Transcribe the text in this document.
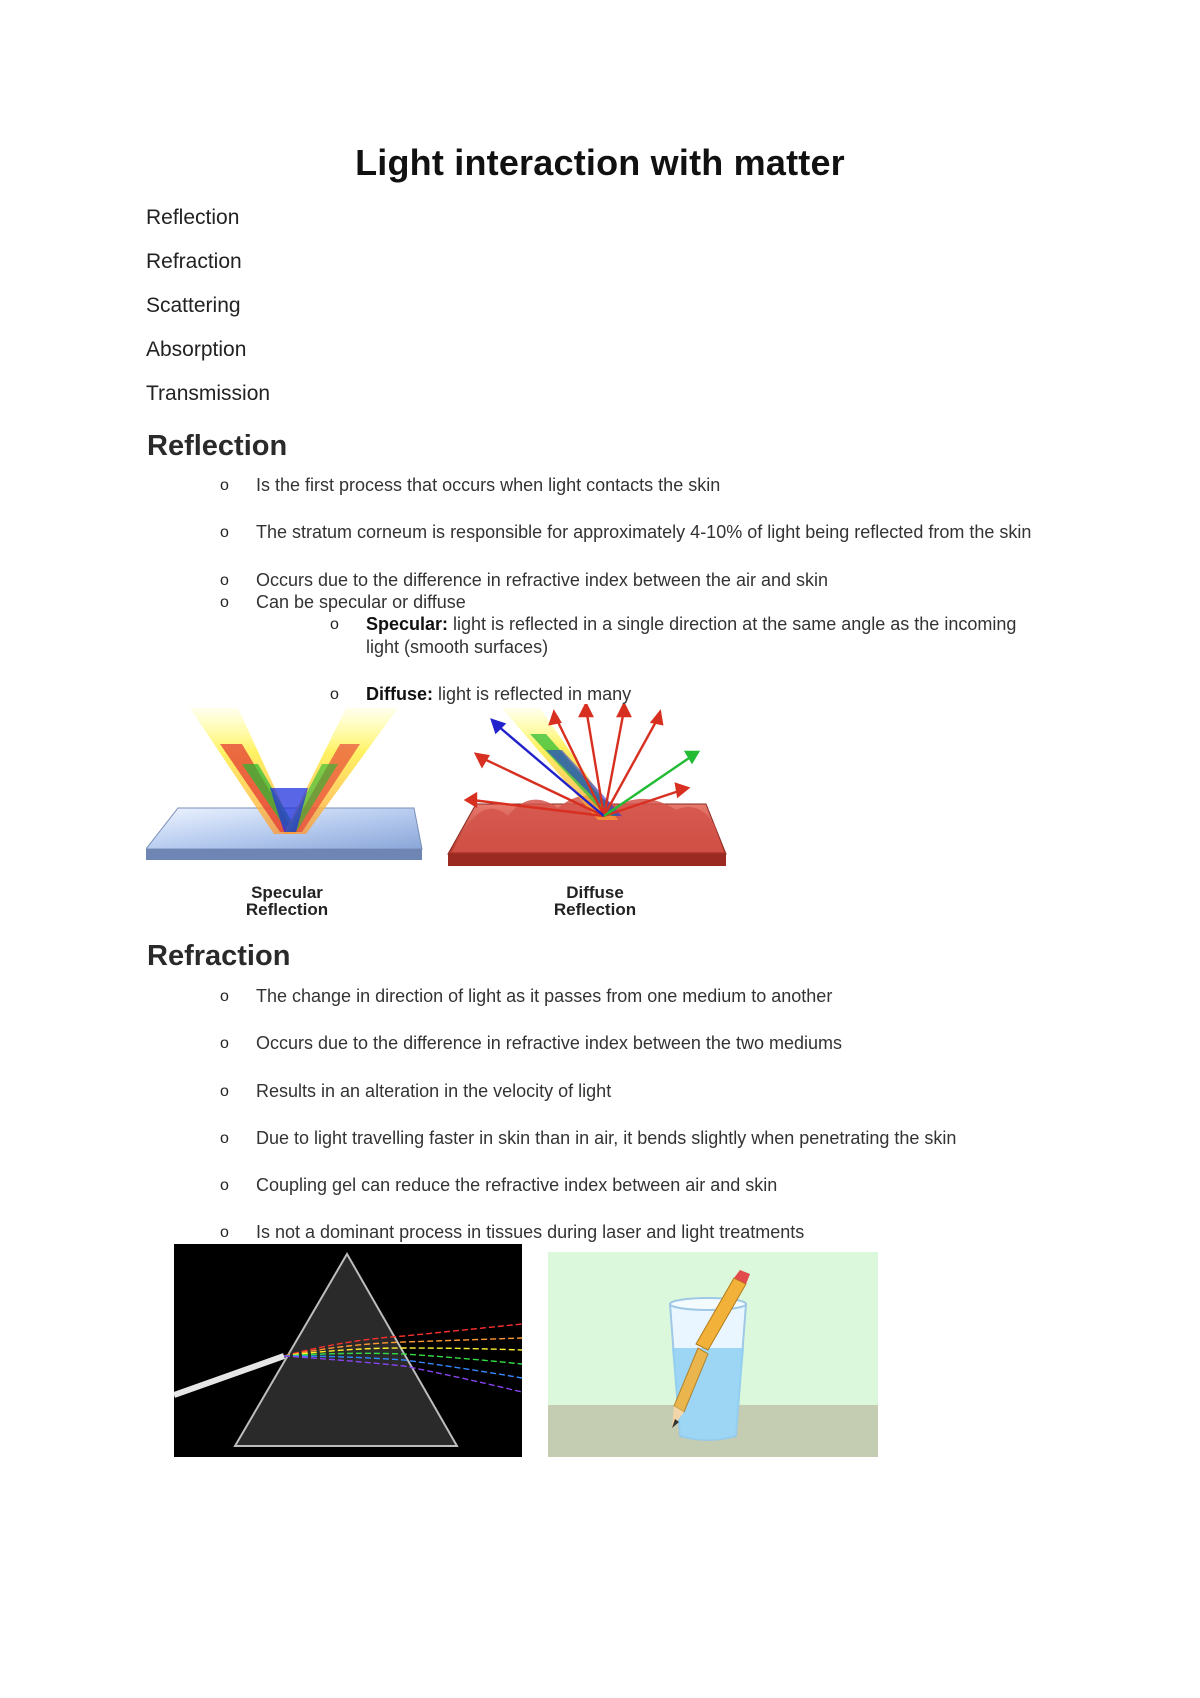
Light interaction with matter
Reflection
Refraction
Scattering
Absorption
Transmission
Reflection
o Is the first process that occurs when light contacts the skin
o The stratum corneum is responsible for approximately 4-10% of light being reflected from the skin
o Occurs due to the difference in refractive index between the air and skin
o Can be specular or diffuse
o Specular: light is reflected in a single direction at the same angle as the incoming light (smooth surfaces)
o Diffuse: light is reflected in many
Specular Reflection
Diffuse Reflection
Refraction
o The change in direction of light as it passes from one medium to another
o Occurs due to the difference in refractive index between the two mediums
o Results in an alteration in the velocity of light
o Due to light travelling faster in skin than in air, it bends slightly when penetrating the skin
o Coupling gel can reduce the refractive index between air and skin
o Is not a dominant process in tissues during laser and light treatments
